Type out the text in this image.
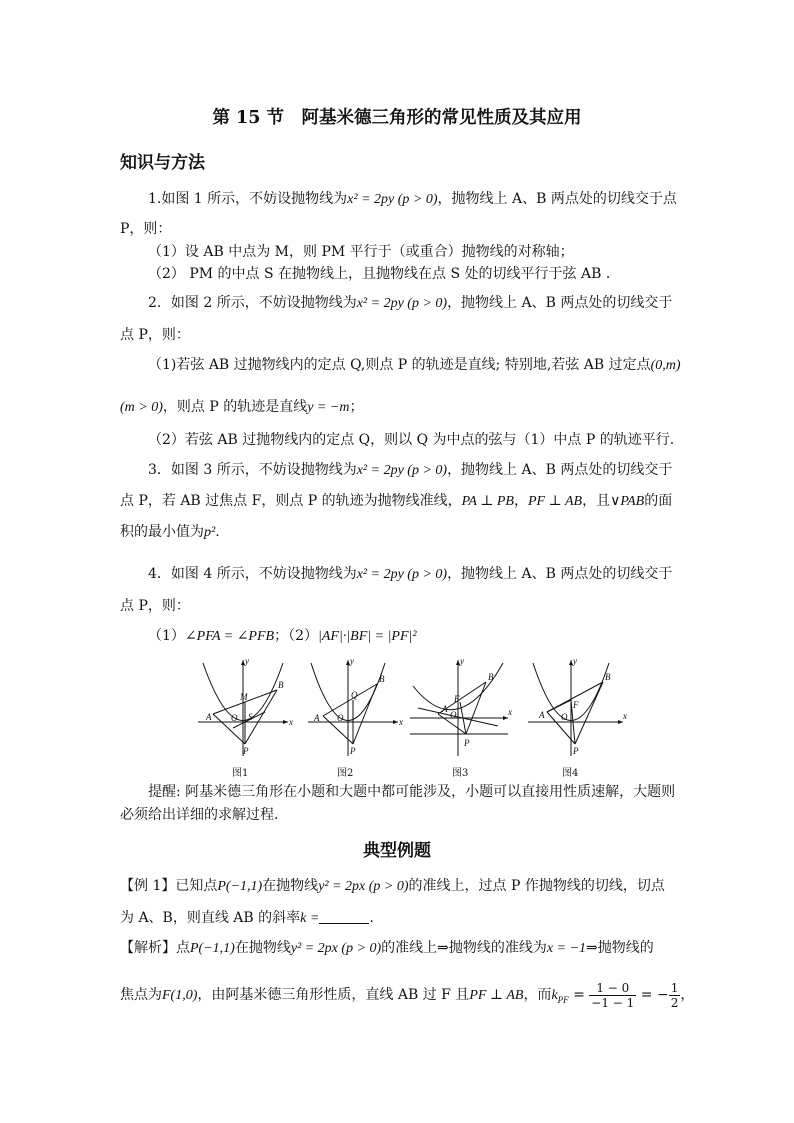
第 15 节　阿基米德三角形的常见性质及其应用
知识与方法
1.如图 1 所示，不妨设抛物线为x² = 2py (p > 0)，抛物线上 A、B 两点处的切线交于点
P，则：
（1）设 AB 中点为 M，则 PM 平行于（或重合）抛物线的对称轴；
（2） PM 的中点 S 在抛物线上，且抛物线在点 S 处的切线平行于弦 AB .
2．如图 2 所示，不妨设抛物线为x² = 2py (p > 0)，抛物线上 A、B 两点处的切线交于
点 P，则：
（1)若弦 AB 过抛物线内的定点 Q,则点 P 的轨迹是直线; 特别地,若弦 AB 过定点(0,m)
(m > 0)，则点 P 的轨迹是直线y = −m；
（2）若弦 AB 过抛物线内的定点 Q，则以 Q 为中点的弦与（1）中点 P 的轨迹平行.
3．如图 3 所示，不妨设抛物线为x² = 2py (p > 0)，抛物线上 A、B 两点处的切线交于
点 P，若 AB 过焦点 F，则点 P 的轨迹为抛物线准线，PA ⊥ PB，PF ⊥ AB，且∨PAB的面
积的最小值为p².
4．如图 4 所示，不妨设抛物线为x² = 2py (p > 0)，抛物线上 A、B 两点处的切线交于
点 P，则：
（1）∠PFA = ∠PFB；（2）|AF|·|BF| = |PF|²
y
x
A
B
M
O S
P
y
x
A
B
Q
O
P
y
x
A
B
F
O
P
y
x
A
B
F
O
P
图1	图2	图3	图4
提醒: 阿基米德三角形在小题和大题中都可能涉及，小题可以直接用性质速解，大题则
必须给出详细的求解过程.
典型例题
【例 1】已知点P(−1,1)在抛物线y² = 2px (p > 0)的准线上，过点 P 作抛物线的切线，切点
为 A、B，则直线 AB 的斜率k =	.
【解析】点P(−1,1)在抛物线y² = 2px (p > 0)的准线上⇒抛物线的准线为x = −1⇒抛物线的
焦点为F(1,0)，由阿基米德三角形性质，直线 AB 过 F 且PF ⊥ AB，而$k_{PF} = \frac{1 - 0}{-1 - 1}$ = − $\frac{1}{2}$ ，
